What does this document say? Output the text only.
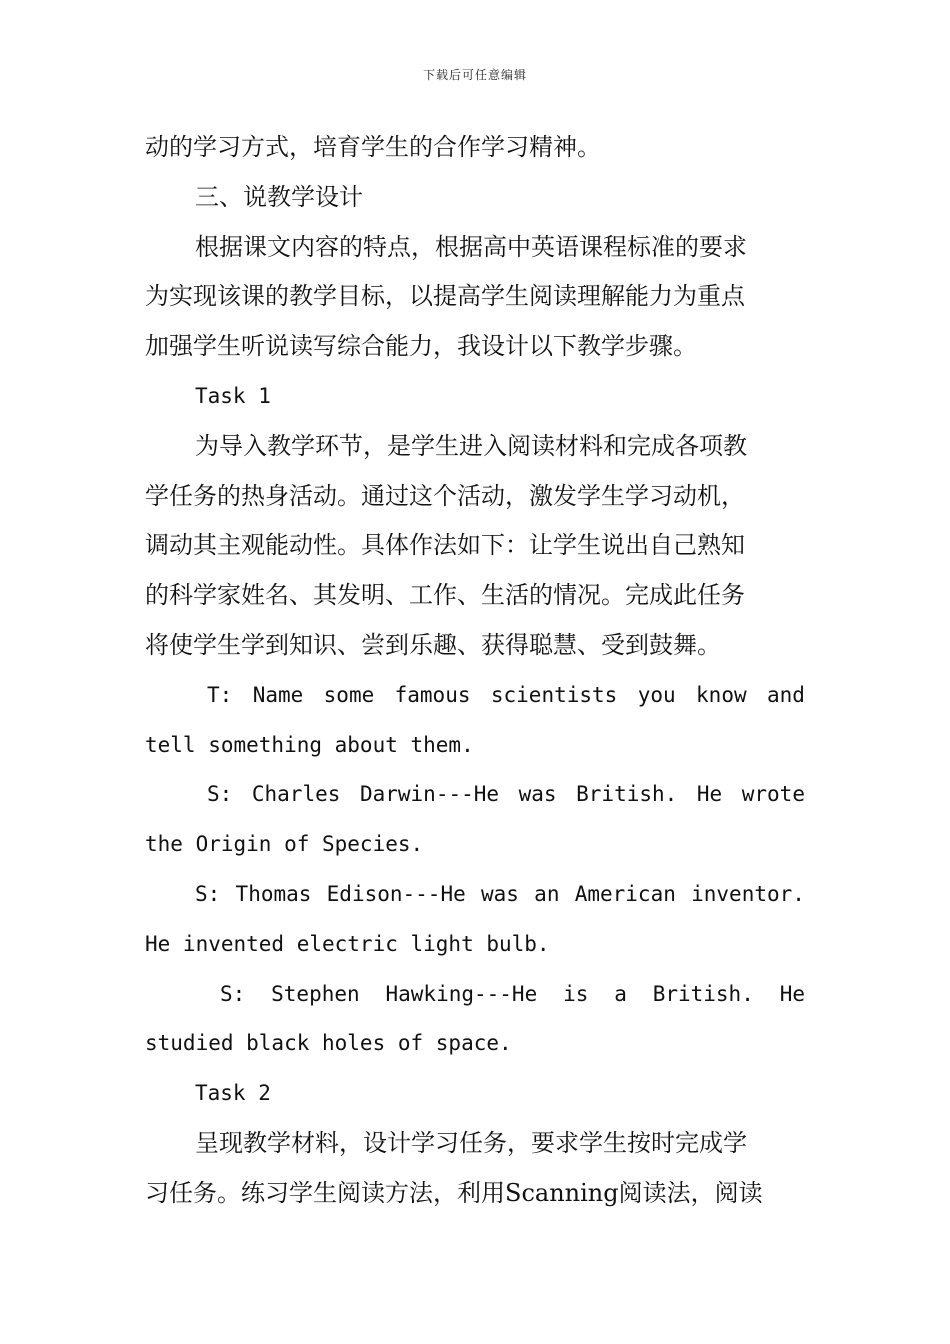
下载后可任意编辑
动的学习方式，培育学生的合作学习精神。
三、说教学设计
根据课文内容的特点，根据高中英语课程标准的要求
为实现该课的教学目标，以提高学生阅读理解能力为重点
加强学生听说读写综合能力，我设计以下教学步骤。
Task 1
为导入教学环节，是学生进入阅读材料和完成各项教
学任务的热身活动。通过这个活动，激发学生学习动机，
调动其主观能动性。具体作法如下：让学生说出自己熟知
的科学家姓名、其发明、工作、生活的情况。完成此任务
将使学生学到知识、尝到乐趣、获得聪慧、受到鼓舞。
T: Name some famous scientists you know and
tell something about them.
S: Charles Darwin---He was British. He wrote
the Origin of Species.
S: Thomas Edison---He was an American inventor.
He invented electric light bulb.
S: Stephen Hawking---He is a British. He
studied black holes of space.
Task 2
呈现教学材料，设计学习任务，要求学生按时完成学
习任务。练习学生阅读方法，利用Scanning阅读法，阅读
